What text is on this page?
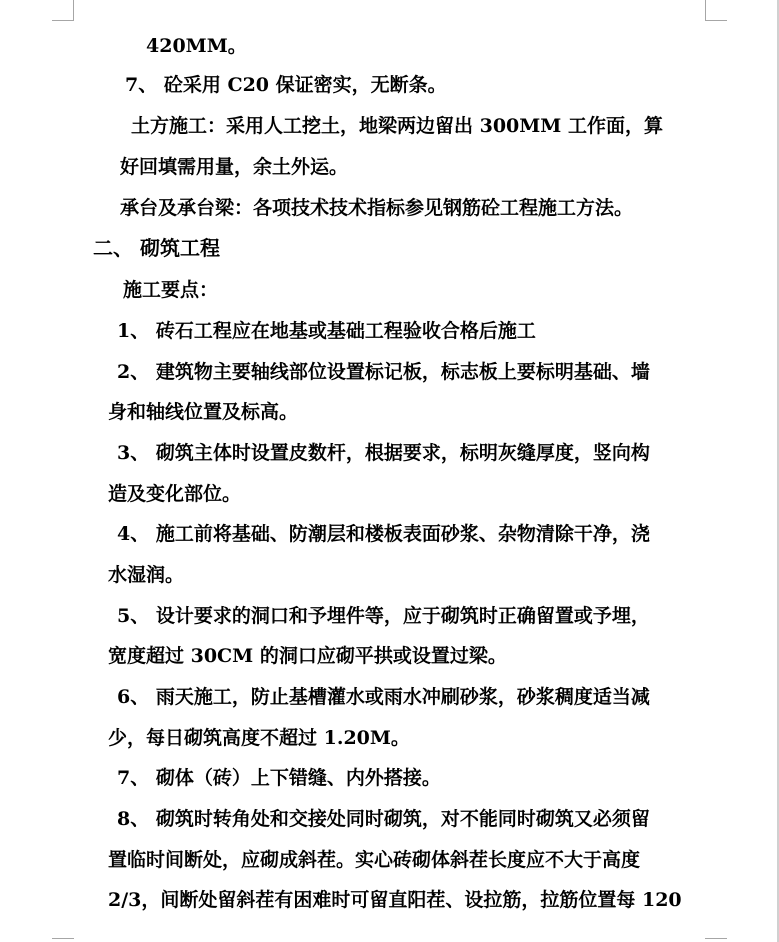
420MM。
7、 砼采用 C20 保证密实，无断条。
土方施工：采用人工挖土，地梁两边留出 300MM 工作面，算
好回填需用量，余土外运。
承台及承台梁：各项技术技术指标参见钢筋砼工程施工方法。
二、 砌筑工程
施工要点：
1、 砖石工程应在地基或基础工程验收合格后施工
2、 建筑物主要轴线部位设置标记板，标志板上要标明基础、墙
身和轴线位置及标高。
3、 砌筑主体时设置皮数杆，根据要求，标明灰缝厚度，竖向构
造及变化部位。
4、 施工前将基础、防潮层和楼板表面砂浆、杂物清除干净，浇
水湿润。
5、 设计要求的洞口和予埋件等，应于砌筑时正确留置或予埋，
宽度超过 30CM 的洞口应砌平拱或设置过梁。
6、 雨天施工，防止基槽灌水或雨水冲刷砂浆，砂浆稠度适当减
少，每日砌筑高度不超过 1.20M。
7、 砌体（砖）上下错缝、内外搭接。
8、 砌筑时转角处和交接处同时砌筑，对不能同时砌筑又必须留
置临时间断处，应砌成斜茬。实心砖砌体斜茬长度应不大于高度
2/3，间断处留斜茬有困难时可留直阳茬、设拉筋，拉筋位置每 120
